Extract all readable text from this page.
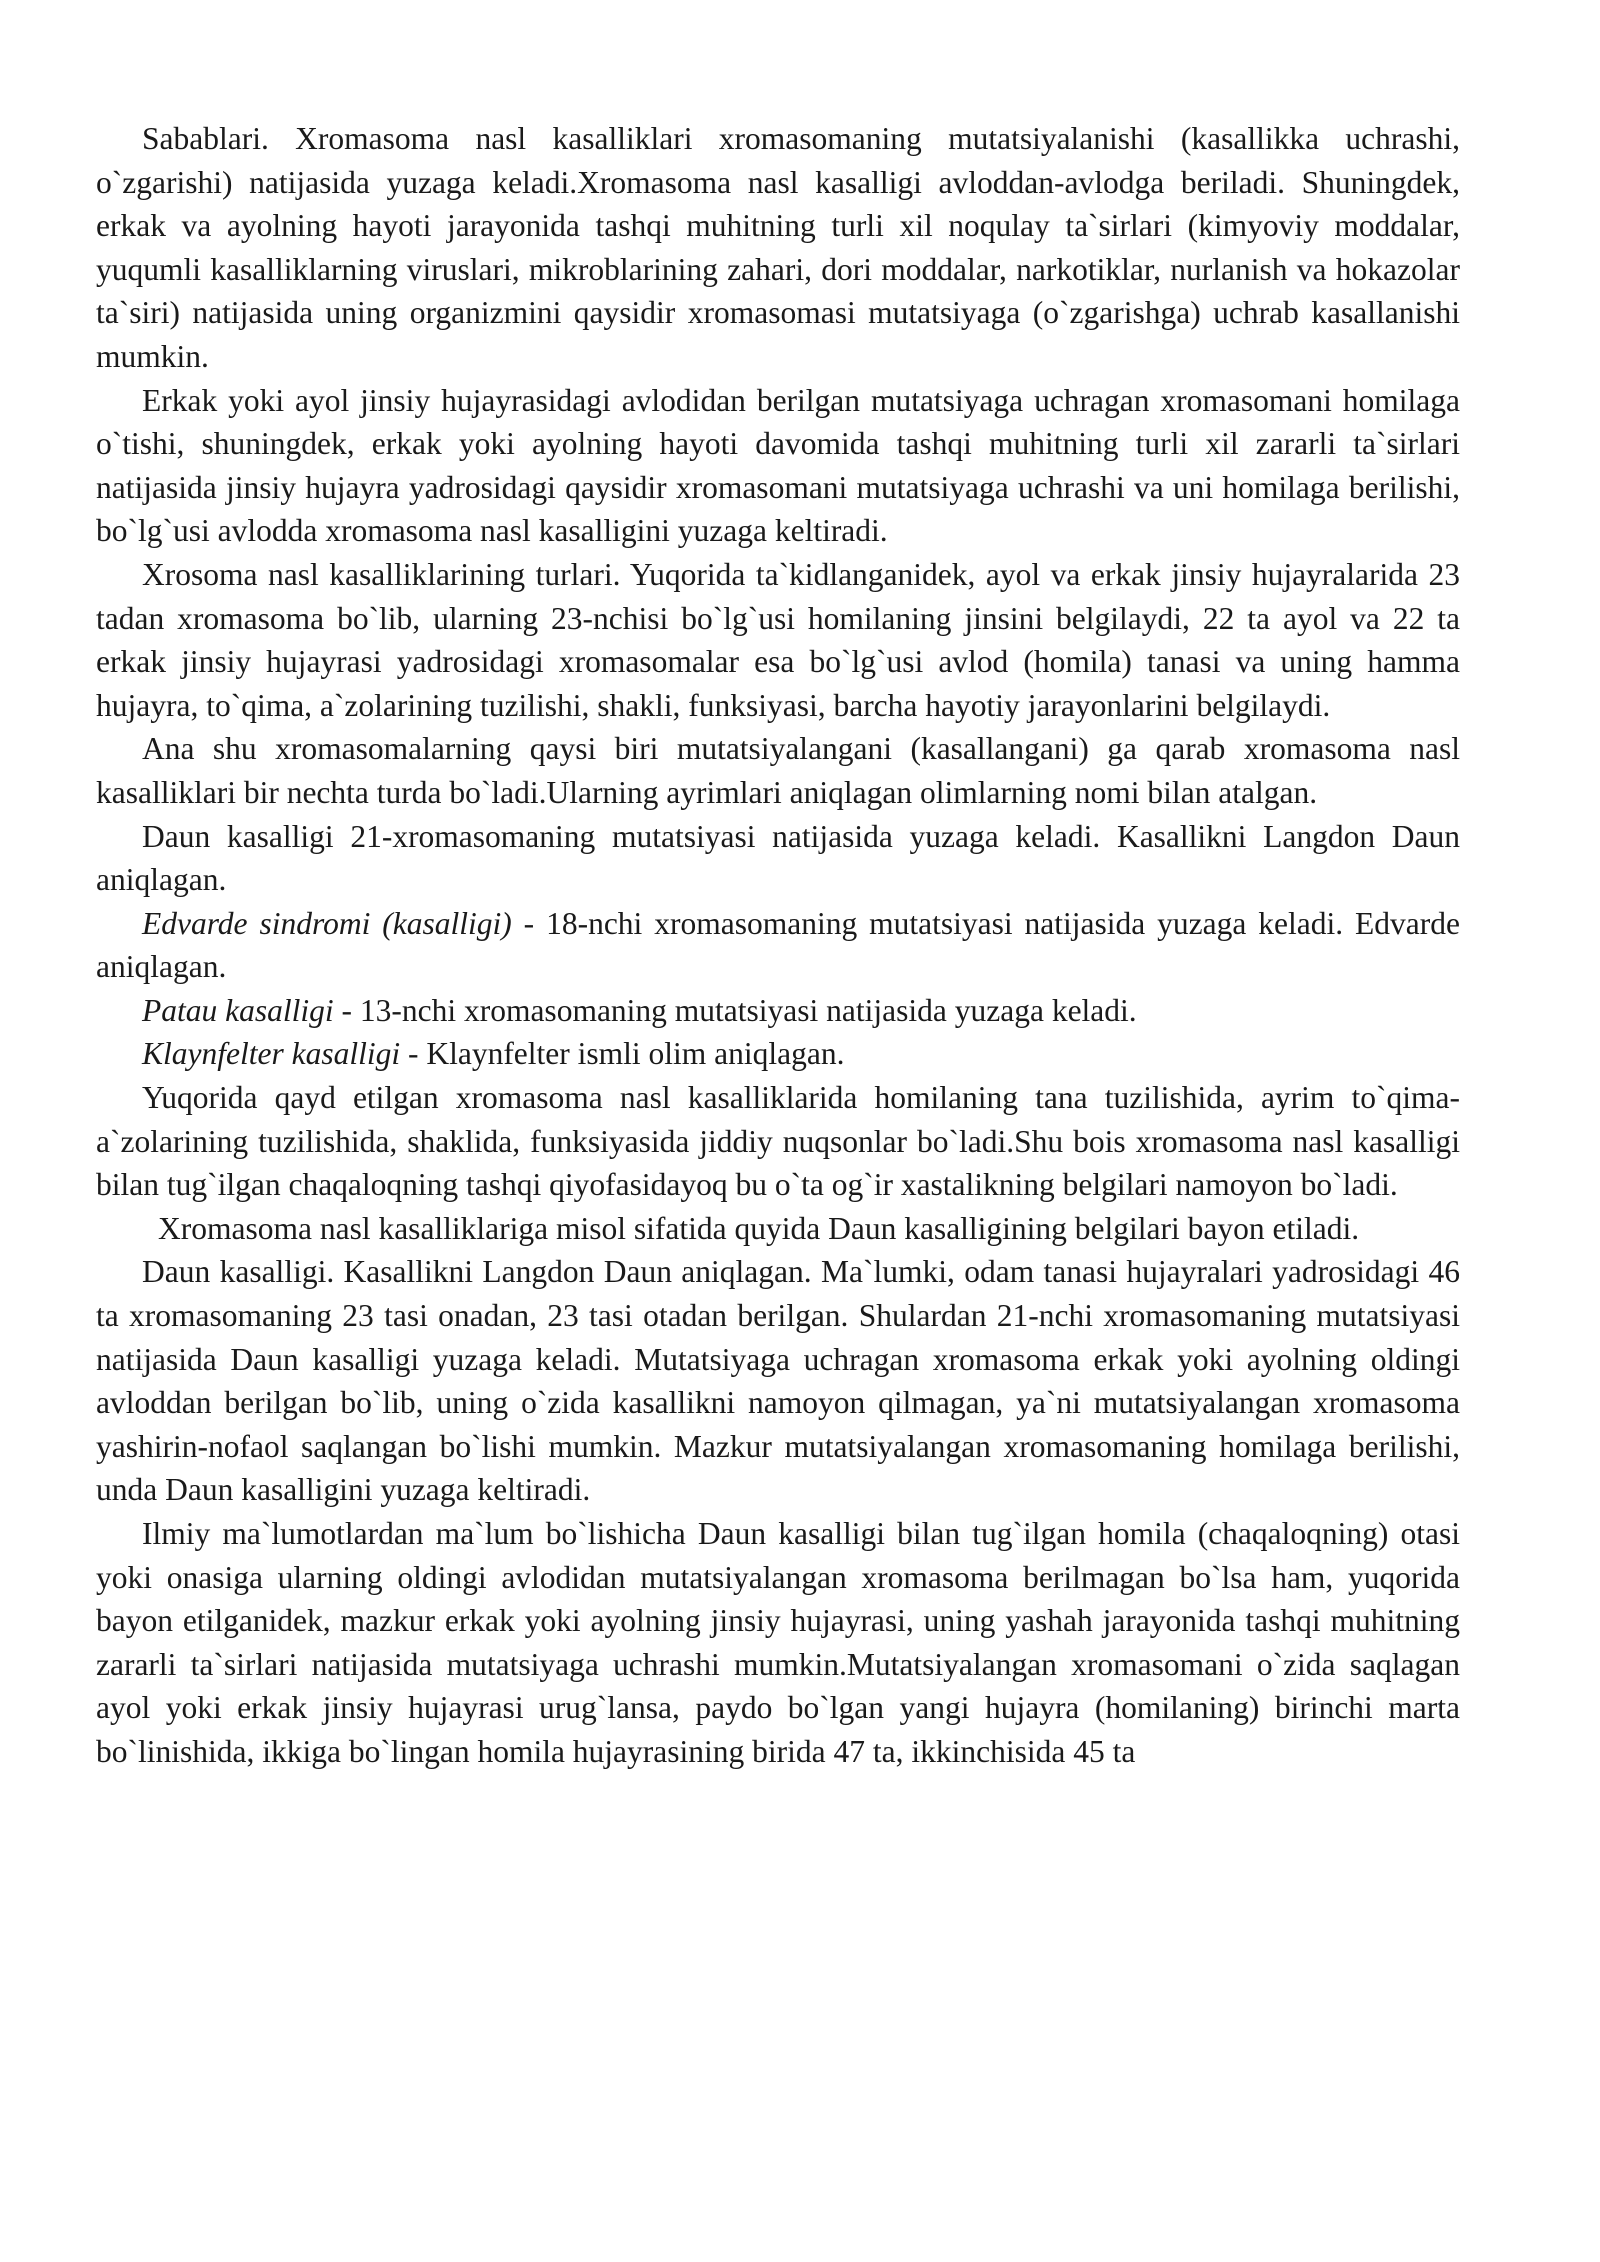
Sabablari. Xromasoma nasl kasalliklari xromasomaning mutatsiyalanishi (kasallikka uchrashi, o`zgarishi) natijasida yuzaga keladi.Xromasoma nasl kasalligi avloddan-avlodga beriladi. Shuningdek, erkak va ayolning hayoti jarayonida tashqi muhitning turli xil noqulay ta`sirlari (kimyoviy moddalar, yuqumli kasalliklarning viruslari, mikroblarining zahari, dori moddalar, narkotiklar, nurlanish va hokazolar ta`siri) natijasida uning organizmini qaysidir xromasomasi mutatsiyaga (o`zgarishga) uchrab kasallanishi mumkin.

Erkak yoki ayol jinsiy hujayrasidagi avlodidan berilgan mutatsiyaga uchragan xromasomani homilaga o`tishi, shuningdek, erkak yoki ayolning hayoti davomida tashqi muhitning turli xil zararli ta`sirlari natijasida jinsiy hujayra yadrosidagi qaysidir xromasomani mutatsiyaga uchrashi va uni homilaga berilishi, bo`lg`usi avlodda xromasoma nasl kasalligini yuzaga keltiradi.

Xrosoma nasl kasalliklarining turlari. Yuqorida ta`kidlanganidek, ayol va erkak jinsiy hujayralarida 23 tadan xromasoma bo`lib, ularning 23-nchisi bo`lg`usi homilaning jinsini belgilaydi, 22 ta ayol va 22 ta erkak jinsiy hujayrasi yadrosidagi xromasomalar esa bo`lg`usi avlod (homila) tanasi va uning hamma hujayra, to`qima, a`zolarining tuzilishi, shakli, funksiyasi, barcha hayotiy jarayonlarini belgilaydi.

Ana shu xromasomalarning qaysi biri mutatsiyalangani (kasallangani) ga qarab xromasoma nasl kasalliklari bir nechta turda bo`ladi.Ularning ayrimlari aniqlagan olimlarning nomi bilan atalgan.

Daun kasalligi 21-xromasomaning mutatsiyasi natijasida yuzaga keladi. Kasallikni Langdon Daun aniqlagan.

Edvarde sindromi (kasalligi) - 18-nchi xromasomaning mutatsiyasi natijasida yuzaga keladi. Edvarde aniqlagan.

Patau kasalligi - 13-nchi xromasomaning mutatsiyasi natijasida yuzaga keladi.

Klaynfelter kasalligi - Klaynfelter ismli olim aniqlagan.

Yuqorida qayd etilgan xromasoma nasl kasalliklarida homilaning tana tuzilishida, ayrim to`qima-a`zolarining tuzilishida, shaklida, funksiyasida jiddiy nuqsonlar bo`ladi.Shu bois xromasoma nasl kasalligi bilan tug`ilgan chaqaloqning tashqi qiyofasidayoq bu o`ta og`ir xastalikning belgilari namoyon bo`ladi.

Xromasoma nasl kasalliklariga misol sifatida quyida Daun kasalligining belgilari bayon etiladi.

Daun kasalligi. Kasallikni Langdon Daun aniqlagan. Ma`lumki, odam tanasi hujayralari yadrosidagi 46 ta xromasomaning 23 tasi onadan, 23 tasi otadan berilgan. Shulardan 21-nchi xromasomaning mutatsiyasi natijasida Daun kasalligi yuzaga keladi. Mutatsiyaga uchragan xromasoma erkak yoki ayolning oldingi avloddan berilgan bo`lib, uning o`zida kasallikni namoyon qilmagan, ya`ni mutatsiyalangan xromasoma yashirin-nofaol saqlangan bo`lishi mumkin. Mazkur mutatsiyalangan xromasomaning homilaga berilishi, unda Daun kasalligini yuzaga keltiradi.

Ilmiy ma`lumotlardan ma`lum bo`lishicha Daun kasalligi bilan tug`ilgan homila (chaqaloqning) otasi yoki onasiga ularning oldingi avlodidan mutatsiyalangan xromasoma berilmagan bo`lsa ham, yuqorida bayon etilganidek, mazkur erkak yoki ayolning jinsiy hujayrasi, uning yashah jarayonida tashqi muhitning zararli ta`sirlari natijasida mutatsiyaga uchrashi mumkin.Mutatsiyalangan xromasomani o`zida saqlagan ayol yoki erkak jinsiy hujayrasi urug`lansa, paydo bo`lgan yangi hujayra (homilaning) birinchi marta bo`linishida, ikkiga bo`lingan homila hujayrasining birida 47 ta, ikkinchisida 45 ta
